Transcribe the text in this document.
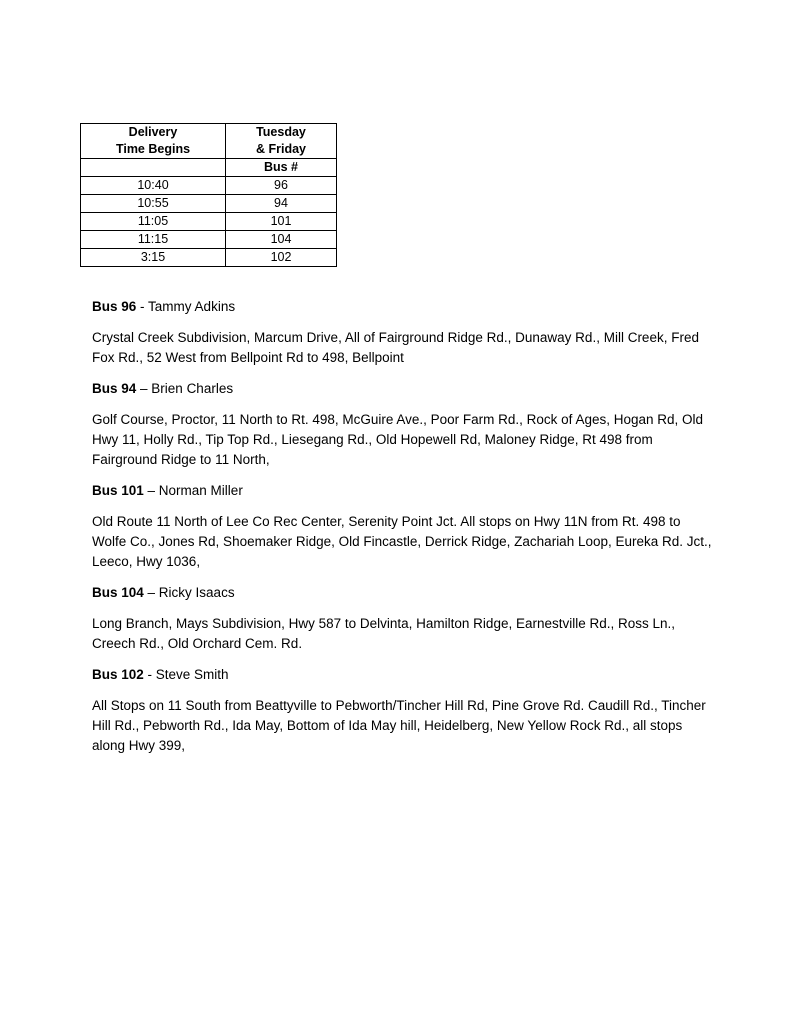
Delivery	Tuesday

Time Begins	& Friday

	Bus #
10:40	96
10:55	94
11:05	101
11:15	104
3:15	102

Bus 96 - Tammy Adkins

Crystal Creek Subdivision, Marcum Drive, All of Fairground Ridge Rd., Dunaway Rd., Mill Creek, Fred Fox Rd., 52 West from Bellpoint Rd to 498, Bellpoint

Bus 94 – Brien Charles

Golf Course, Proctor, 11 North to Rt. 498, McGuire Ave., Poor Farm Rd., Rock of Ages, Hogan Rd, Old Hwy 11, Holly Rd., Tip Top Rd., Liesegang Rd., Old Hopewell Rd, Maloney Ridge, Rt 498 from Fairground Ridge to 11 North,

Bus 101 – Norman Miller

Old Route 11 North of Lee Co Rec Center, Serenity Point Jct. All stops on Hwy 11N from Rt. 498 to Wolfe Co., Jones Rd, Shoemaker Ridge, Old Fincastle, Derrick Ridge, Zachariah Loop, Eureka Rd. Jct., Leeco, Hwy 1036,

Bus 104 – Ricky Isaacs

Long Branch, Mays Subdivision, Hwy 587 to Delvinta, Hamilton Ridge, Earnestville Rd., Ross Ln., Creech Rd., Old Orchard Cem. Rd.

Bus 102 - Steve Smith

All Stops on 11 South from Beattyville to Pebworth/Tincher Hill Rd, Pine Grove Rd. Caudill Rd., Tincher Hill Rd., Pebworth Rd., Ida May, Bottom of Ida May hill, Heidelberg, New Yellow Rock Rd., all stops along Hwy 399,
